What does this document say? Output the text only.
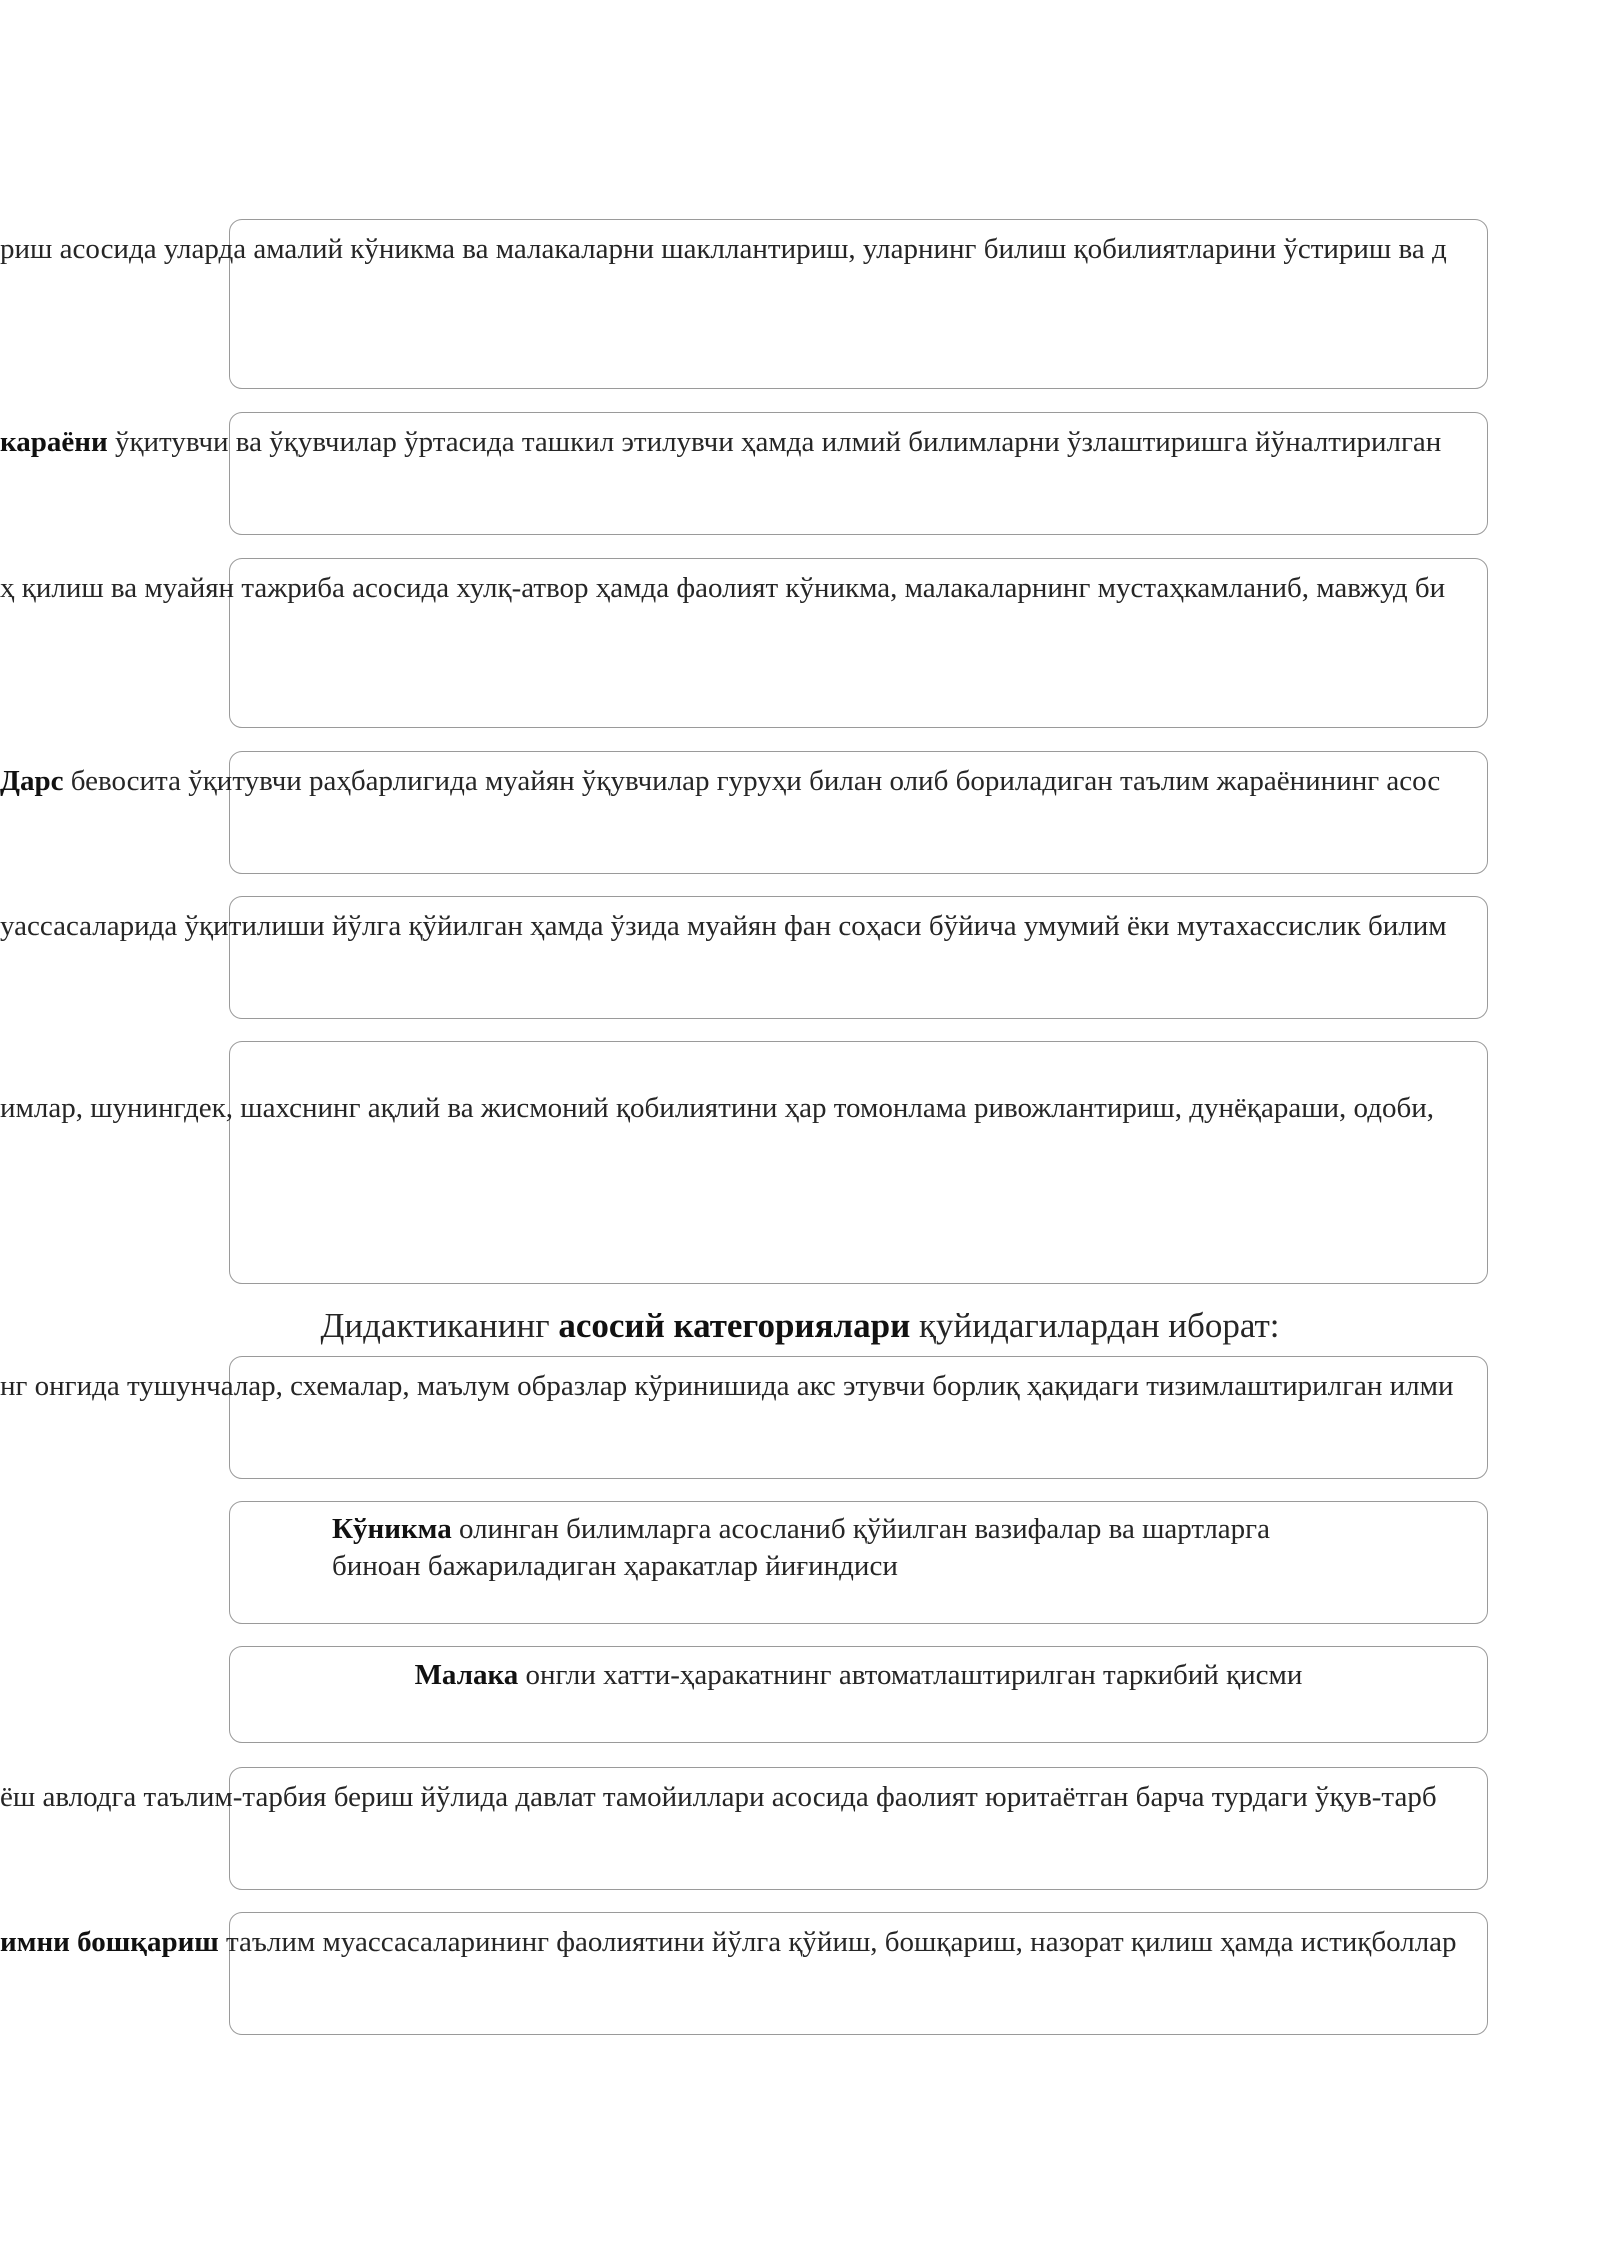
риш асосида уларда амалий кўникма ва малакаларни шакллантириш, уларнинг билиш қобилиятларини ўстириш ва д
караёни ўқитувчи ва ўқувчилар ўртасида ташкил этилувчи ҳамда илмий билимларни ўзлаштиришга йўналтирилган
ҳ қилиш ва муайян тажриба асосида хулқ-атвор ҳамда фаолият кўникма, малакаларнинг мустаҳкамланиб, мавжуд би
Дарс бевосита ўқитувчи раҳбарлигида муайян ўқувчилар гуруҳи билан олиб бориладиган таълим жараёнининг асос
уассасаларида ўқитилиши йўлга қўйилган ҳамда ўзида муайян фан соҳаси бўйича умумий ёки мутахассислик билим
имлар, шунингдек, шахснинг ақлий ва жисмоний қобилиятини ҳар томонлама ривожлантириш, дунёқараши, одоби,
Дидактиканинг асосий категориялари қуйидагилардан иборат:
нг онгида тушунчалар, схемалар, маълум образлар кўринишида акс этувчи борлиқ ҳақидаги тизимлаштирилган илми
Кўникма олинган билимларга асосланиб қўйилган вазифалар ва шартларга
биноан бажариладиган ҳаракатлар йиғиндиси
Малака онгли хатти-ҳаракатнинг автоматлаштирилган таркибий қисми
ёш авлодга таълим-тарбия бериш йўлида давлат тамойиллари асосида фаолият юритаётган барча турдаги ўқув-тарб
имни бошқариш таълим муассасаларининг фаолиятини йўлга қўйиш, бошқариш, назорат қилиш ҳамда истиқболлар
